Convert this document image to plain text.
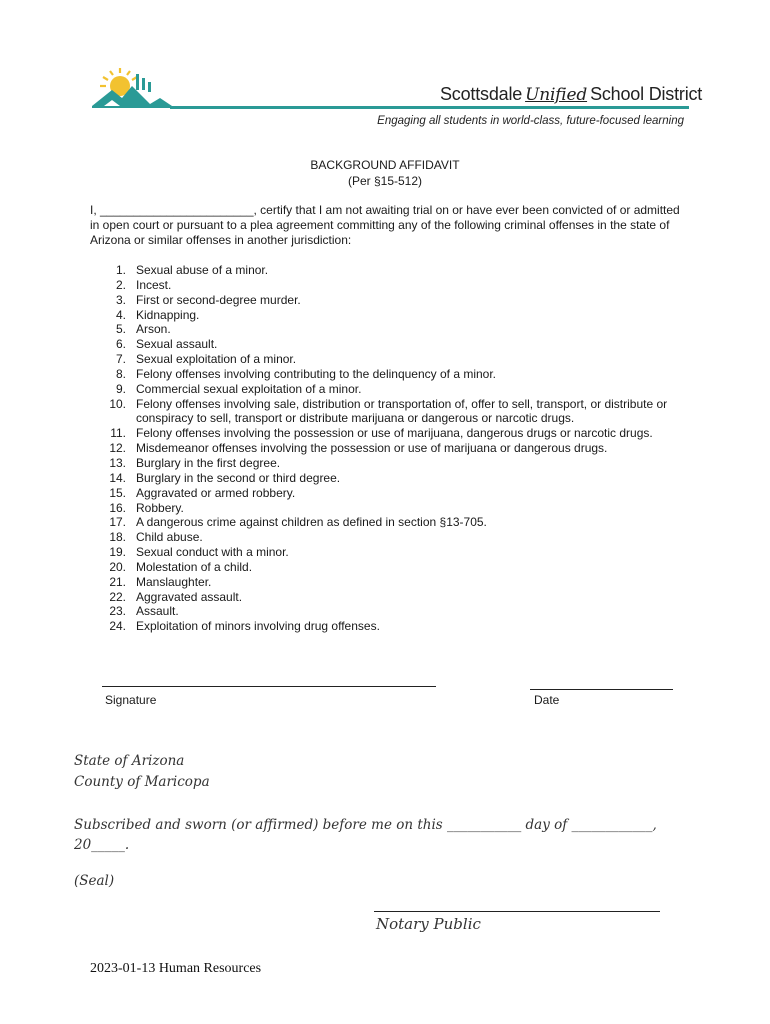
Scottsdale Unified School District
Engaging all students in world-class, future-focused learning
BACKGROUND AFFIDAVIT
(Per §15-512)
I, _______________________, certify that I am not awaiting trial on or have ever been convicted of or admitted in open court or pursuant to a plea agreement committing any of the following criminal offenses in the state of Arizona or similar offenses in another jurisdiction:
1. Sexual abuse of a minor.
2. Incest.
3. First or second-degree murder.
4. Kidnapping.
5. Arson.
6. Sexual assault.
7. Sexual exploitation of a minor.
8. Felony offenses involving contributing to the delinquency of a minor.
9. Commercial sexual exploitation of a minor.
10. Felony offenses involving sale, distribution or transportation of, offer to sell, transport, or distribute or conspiracy to sell, transport or distribute marijuana or dangerous or narcotic drugs.
11. Felony offenses involving the possession or use of marijuana, dangerous drugs or narcotic drugs.
12. Misdemeanor offenses involving the possession or use of marijuana or dangerous drugs.
13. Burglary in the first degree.
14. Burglary in the second or third degree.
15. Aggravated or armed robbery.
16. Robbery.
17. A dangerous crime against children as defined in section §13-705.
18. Child abuse.
19. Sexual conduct with a minor.
20. Molestation of a child.
21. Manslaughter.
22. Aggravated assault.
23. Assault.
24. Exploitation of minors involving drug offenses.
Signature	Date
State of Arizona
County of Maricopa
Subscribed and sworn (or affirmed) before me on this ___________ day of ____________,
20_____.
(Seal)
Notary Public
2023-01-13 Human Resources
